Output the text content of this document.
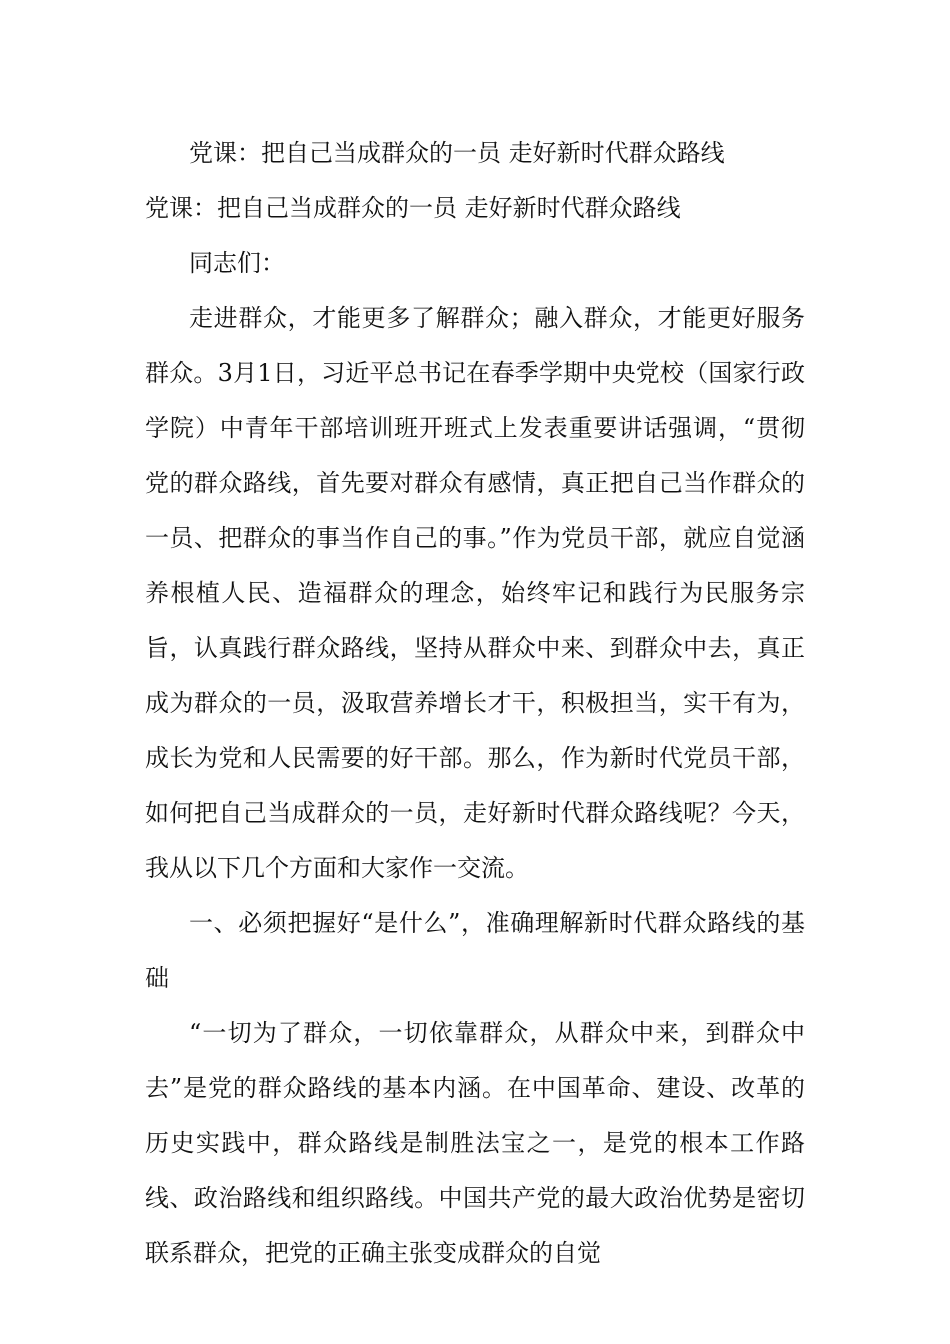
党课：把自己当成群众的一员 走好新时代群众路线

党课：把自己当成群众的一员 走好新时代群众路线

同志们：

走进群众，才能更多了解群众；融入群众，才能更好服务群众。3月1日，习近平总书记在春季学期中央党校（国家行政学院）中青年干部培训班开班式上发表重要讲话强调，“贯彻党的群众路线，首先要对群众有感情，真正把自己当作群众的一员、把群众的事当作自己的事。”作为党员干部，就应自觉涵养根植人民、造福群众的理念，始终牢记和践行为民服务宗旨，认真践行群众路线，坚持从群众中来、到群众中去，真正成为群众的一员，汲取营养增长才干，积极担当，实干有为，成长为党和人民需要的好干部。那么，作为新时代党员干部，如何把自己当成群众的一员，走好新时代群众路线呢？今天，我从以下几个方面和大家作一交流。

一、必须把握好“是什么”，准确理解新时代群众路线的基础

“一切为了群众，一切依靠群众，从群众中来，到群众中去”是党的群众路线的基本内涵。在中国革命、建设、改革的历史实践中，群众路线是制胜法宝之一，是党的根本工作路线、政治路线和组织路线。中国共产党的最大政治优势是密切联系群众，把党的正确主张变成群众的自觉
